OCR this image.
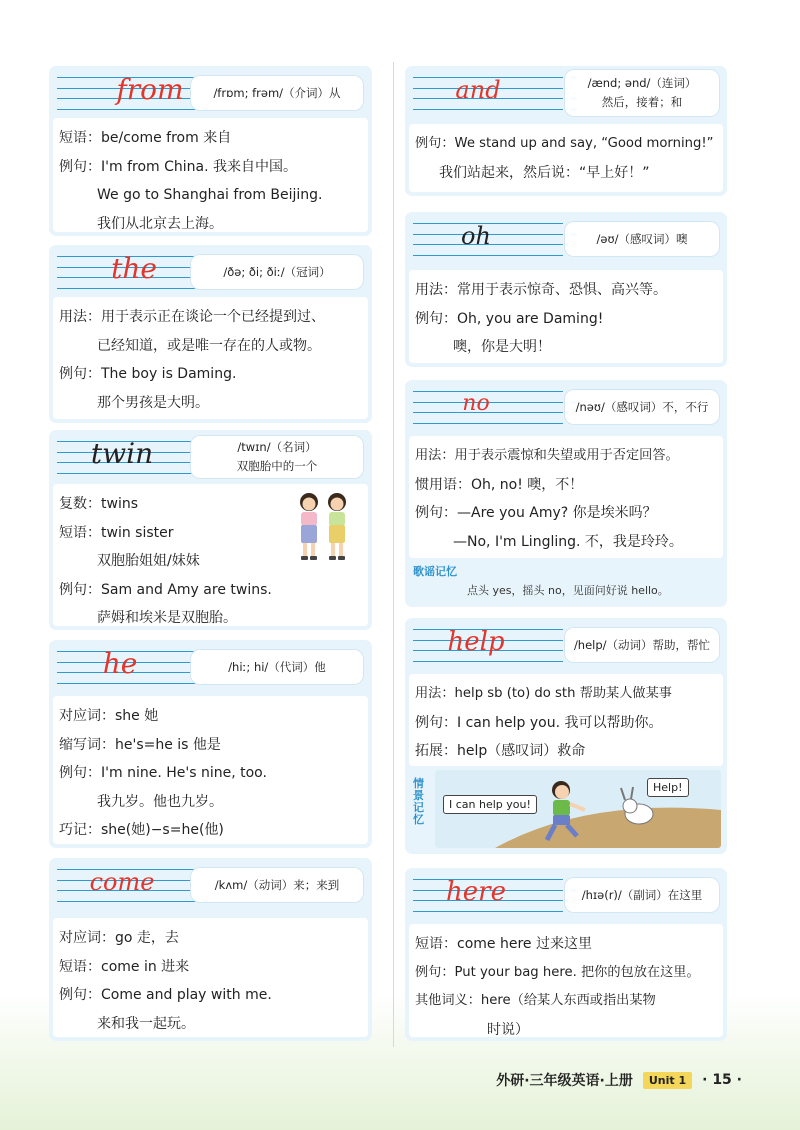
from	/frɒm; frəm/（介词）从
短语：be/come from 来自
例句：I'm from China. 我来自中国。
We go to Shanghai from Beijing.
我们从北京去上海。
the	/ðə; ði; ðiː/（冠词）
用法：用于表示正在谈论一个已经提到过、
已经知道，或是唯一存在的人或物。
例句：The boy is Daming.
那个男孩是大明。
twin	/twɪn/（名词）
双胞胎中的一个
复数：twins
短语：twin sister
双胞胎姐姐/妹妹
例句：Sam and Amy are twins.
萨姆和埃米是双胞胎。
he	/hiː; hi/（代词）他
对应词：she 她
缩写词：he's=he is 他是
例句：I'm nine. He's nine, too.
我九岁。他也九岁。
巧记：she(她)−s=he(他)
come	/kʌm/（动词）来；来到
对应词：go 走，去
短语：come in 进来
例句：Come and play with me.
来和我一起玩。
and	/ænd; ənd/（连词）
然后，接着；和
例句：We stand up and say, “Good morning!”
我们站起来，然后说：“早上好！”
oh	/əʊ/（感叹词）噢
用法：常用于表示惊奇、恐惧、高兴等。
例句：Oh, you are Daming!
噢，你是大明！
no	/nəʊ/（感叹词）不，不行
用法：用于表示震惊和失望或用于否定回答。
惯用语：Oh, no! 噢，不！
例句：—Are you Amy? 你是埃米吗？
—No, I'm Lingling. 不，我是玲玲。
歌谣记忆
点头 yes，摇头 no，见面问好说 hello。
help	/help/（动词）帮助，帮忙
用法：help sb (to) do sth 帮助某人做某事
例句：I can help you. 我可以帮助你。
拓展：help（感叹词）救命
情景记忆
I can help you!
Help!
here	/hɪə(r)/（副词）在这里
短语：come here 过来这里
例句：Put your bag here. 把你的包放在这里。
其他词义：here（给某人东西或指出某物
时说）
外研·三年级英语·上册	Unit 1	· 15 ·
